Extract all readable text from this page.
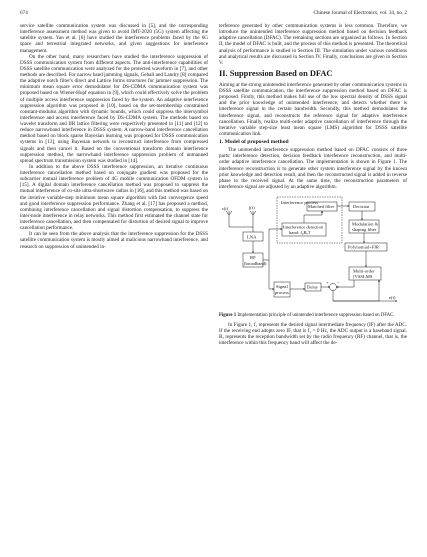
674	Chinese Journal of Electronics, vol. 34, no. 2

service satellite communication system was discussed in [5], and the corresponding interference assessment method was given to avoid IMT-2020 (5G) system affecting the satellite system. Yan et al. [6] have studied the interference problems faced by the 6G space and terrestrial integrated networks, and given suggestions for interference management.

On the other hand, many researchers have studied the interference suppression of DSSS communication system from different aspects. The anti-interference capabilities of DSSS satellite communication were analyzed for the protected waveform in [7], and other methods are described. For narrow band jamming signals, Gebali and Landry [8] compared the adaptive notch filter's direct and Lattice forms structures for jammer suppression. The minimum mean square error demodulator for DS-CDMA communication system was proposed based on Wiener-Hopf equation in [9], which could effectively solve the problem of multiple access interference suppression faced by the system. An adaptive interference suppression algorithm was proposed in [10], based on the set-membership constrained constant-modulus algorithm with dynamic bounds, which could suppress the intersymbol interference and access interference faced by DS-CDMA system. The methods based on wavelet transform and IIR lattice filtering were respectively presented in [11] and [12] to reduce narrowband interference in DSSS system. A narrow-band interference cancellation method based on block sparse Bayesian learning was proposed for DSSS communication systems in [13], using Bayesian network to reconstruct interference from compressed signals and then cancel it. Based on the conventional transform domain interference suppression method, the narrowband interference suppression problem of unmanned spread spectrum transmission system was studied in [14].

In addition to the above DSSS interference suppression, an iterative continuous interference cancellation method based on conjugate gradient was proposed for the subcarrier mutual interference problem of 4G mobile communication OFDM system in [15]. A digital domain interference cancellation method was proposed to suppress the mutual interference of co-site ultra-shortwave radios in [16], and this method was based on the iterative variable-step minimum mean square algorithm with fast convergence speed and good interference suppression performance. Zhang et al. [17] has proposed a method, combining interference cancellation and signal distortion compensation, to suppress the inter-node interference in relay networks. This method first estimated the channel state for interference cancellation, and then compensated for distortion of desired signal to improve cancellation performance.

It can be seen from the above analysis that the interference suppression for the DSSS satellite communication system is mostly aimed at malicious narrowband interference, and research on suppression of unintended in-

terference generated by other communication systems is less common. Therefore, we introduce the unintended interference suppression method based on decision feedback adaptive cancellation (DFAC). The remaining sections are organized as follows. In Section II, the model of DFAC is built, and the process of this method is presented. The theoretical analysis of performance is studied in Section III. The simulation under various conditions and analytical results are discussed in Section IV. Finally, conclusions are given in Section V.

II. Suppression Based on DFAC

Aiming at the strong unintended interference generated by other communication systems in DSSS satellite communication, the interference suppression method based on DFAC is proposed. Firstly, this method makes full use of the low spectral density of DSSS signal and the prior knowledge of unintended interference, and detects whether there is interference signal in the certain bandwidth. Secondly, this method demodulates the interference signal, and reconstructs the reference signal for adaptive interference cancellation. Finally, realize multi-order adaptive cancellation of interference through the iterative variable step-size least mean square (LMS) algorithm for DSSS satellite communication link.

1. Model of proposed method

The unintended interference suppression method based on DFAC consists of three parts: interference detection, decision feedback interference reconstruction, and multi-order adaptive interference cancellation. The implementation is shown in Figure 1. The interference reconstruction is to generate other system interference signal by the known prior knowledge and detection result, and then the reconstructed signal is added in reverse phase to the received signal. At the same time, the reconstruction parameters of interference signal are adjusted by an adaptive algorithm.

s(t)	j(t)
LNA
RF
(broadband)
Interference process
Matched filter	Decision
Interference detection
band: f₀BₐT
Modulation &
shaping filter
Polynomial+FIR
Multi-order
(VSSLMS
Signal
process
Delay
+ −
e(t)
Figure 1 Implementation principle of unintended interference suppression based on DFAC.

In Figure 1, f₁ represents the desired signal intermediate frequency (IF) after the ADC. If the receiving end adopts zero IF, that is f₁ = 0 Hz, the ADC output is a baseband signal. Bₐ represents the reception bandwidth set by the radio frequency (RF) channel, that is, the interference within this frequency band will affect the de-
